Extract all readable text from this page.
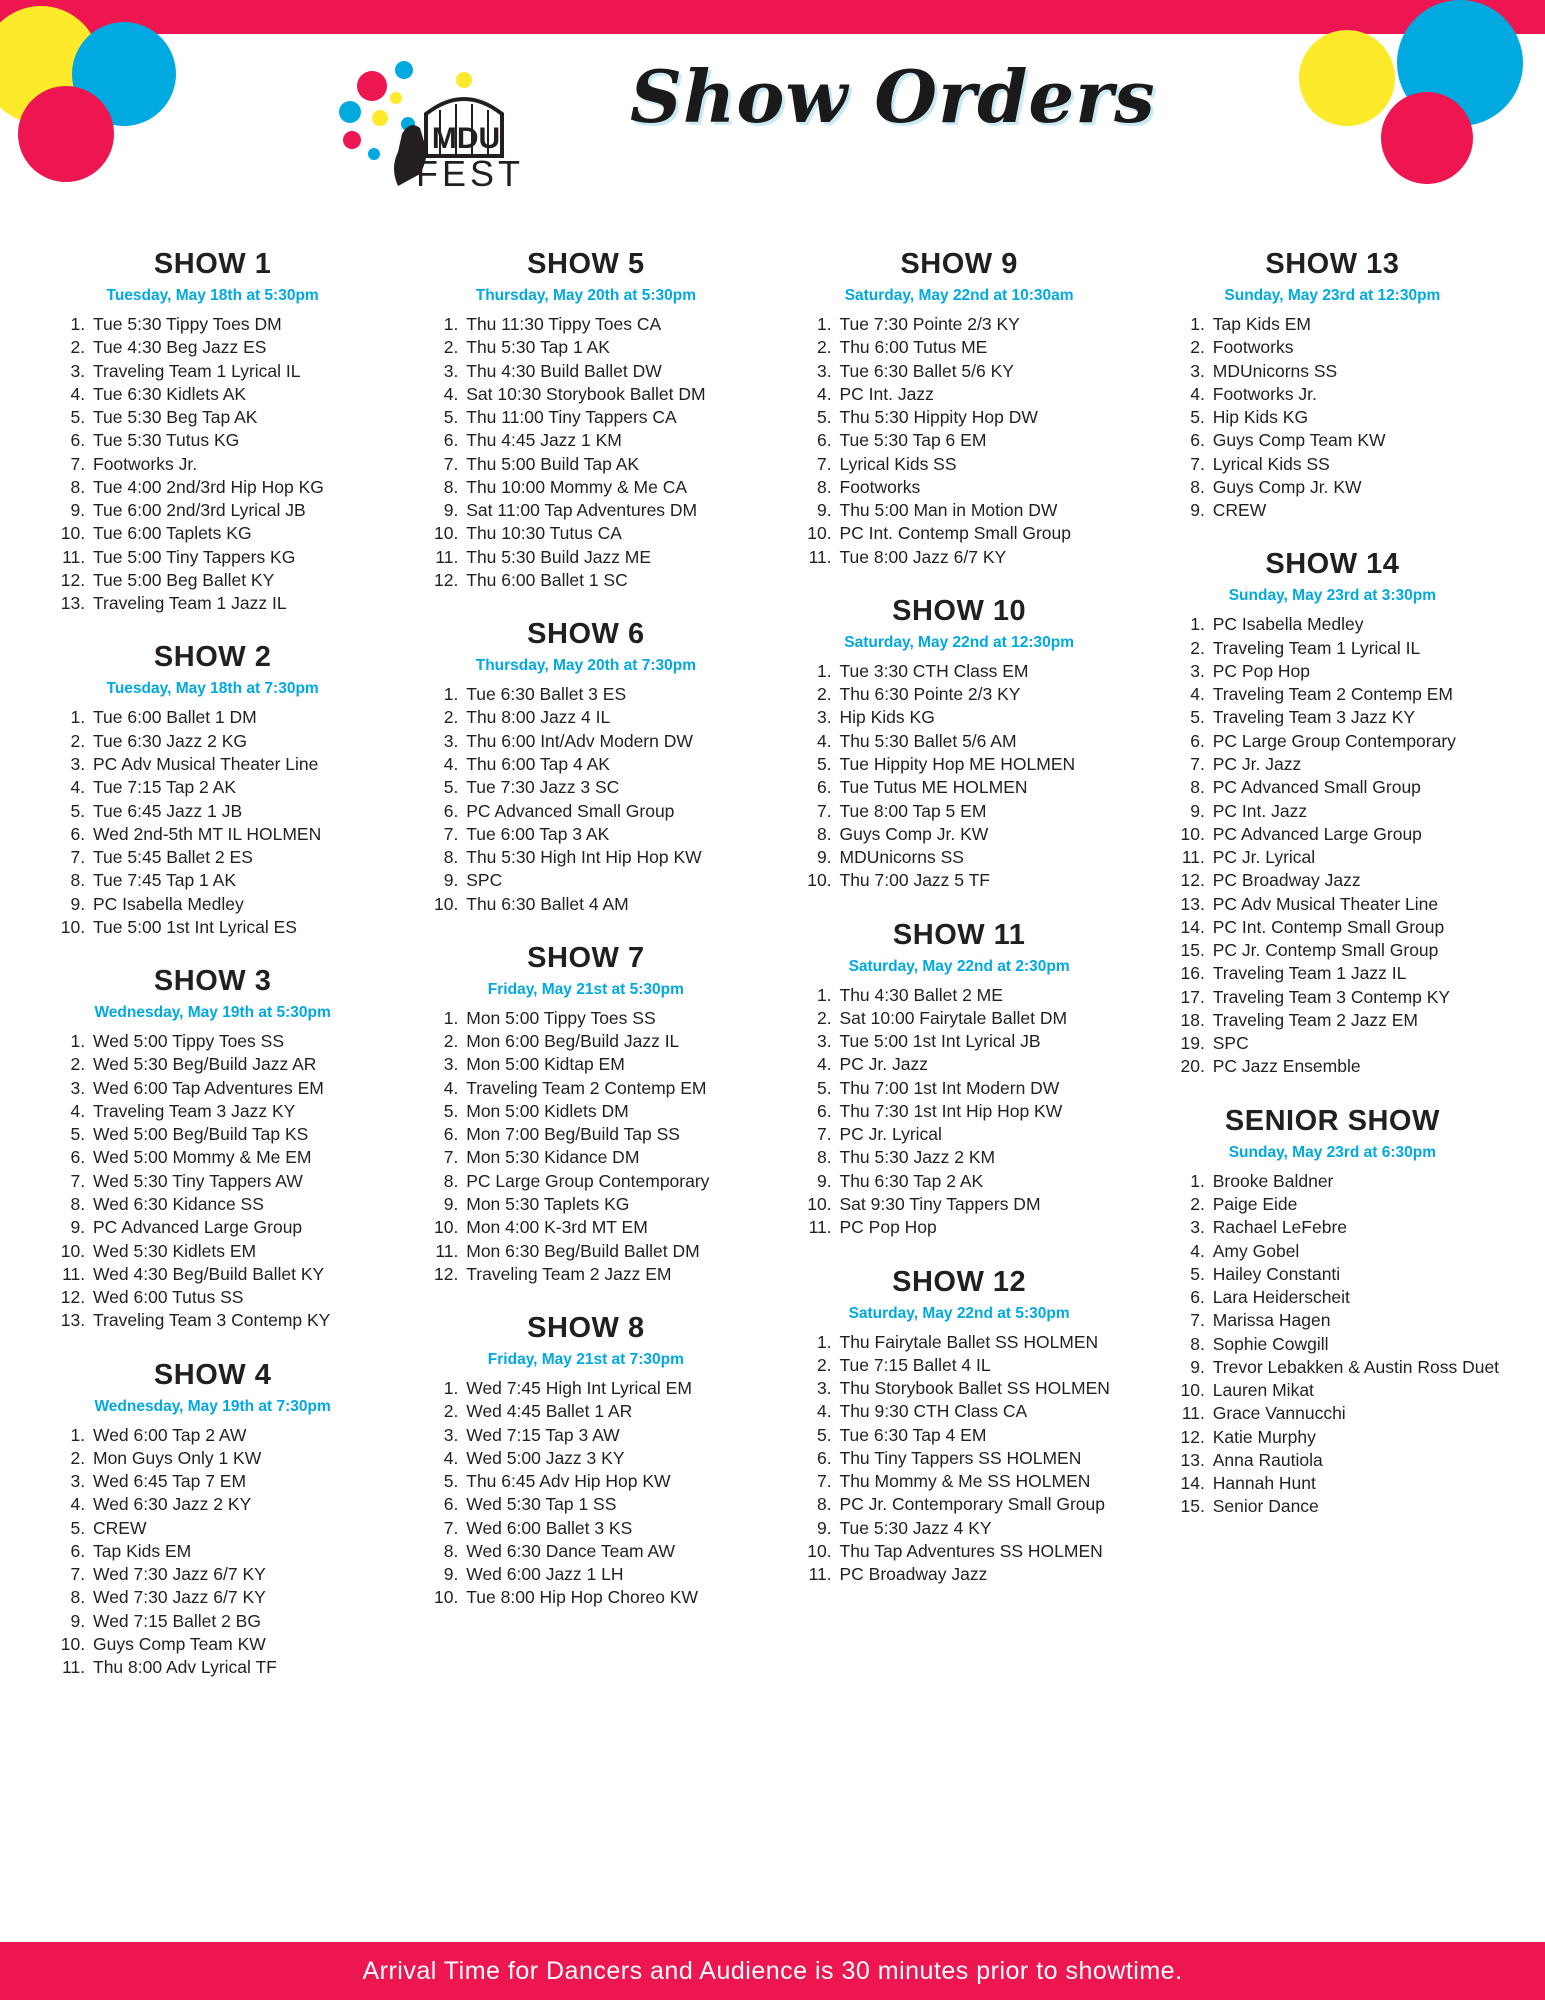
MDU
FEST
Show Orders
SHOW 1
Tuesday, May 18th at 5:30pm
1. Tue 5:30 Tippy Toes DM
2. Tue 4:30 Beg Jazz ES
3. Traveling Team 1 Lyrical IL
4. Tue 6:30 Kidlets AK
5. Tue 5:30 Beg Tap AK
6. Tue 5:30 Tutus KG
7. Footworks Jr.
8. Tue 4:00 2nd/3rd Hip Hop KG
9. Tue 6:00 2nd/3rd Lyrical JB
10. Tue 6:00 Taplets KG
11. Tue 5:00 Tiny Tappers KG
12. Tue 5:00 Beg Ballet KY
13. Traveling Team 1 Jazz IL
SHOW 2
Tuesday, May 18th at 7:30pm
1. Tue 6:00 Ballet 1 DM
2. Tue 6:30 Jazz 2 KG
3. PC Adv Musical Theater Line
4. Tue 7:15 Tap 2 AK
5. Tue 6:45 Jazz 1 JB
6. Wed 2nd-5th MT IL HOLMEN
7. Tue 5:45 Ballet 2 ES
8. Tue 7:45 Tap 1 AK
9. PC Isabella Medley
10. Tue 5:00 1st Int Lyrical ES
SHOW 3
Wednesday, May 19th at 5:30pm
1. Wed 5:00 Tippy Toes SS
2. Wed 5:30 Beg/Build Jazz AR
3. Wed 6:00 Tap Adventures EM
4. Traveling Team 3 Jazz KY
5. Wed 5:00 Beg/Build Tap KS
6. Wed 5:00 Mommy & Me EM
7. Wed 5:30 Tiny Tappers AW
8. Wed 6:30 Kidance SS
9. PC Advanced Large Group
10. Wed 5:30 Kidlets EM
11. Wed 4:30 Beg/Build Ballet KY
12. Wed 6:00 Tutus SS
13. Traveling Team 3 Contemp KY
SHOW 4
Wednesday, May 19th at 7:30pm
1. Wed 6:00 Tap 2 AW
2. Mon Guys Only 1 KW
3. Wed 6:45 Tap 7 EM
4. Wed 6:30 Jazz 2 KY
5. CREW
6. Tap Kids EM
7. Wed 7:30 Jazz 6/7 KY
8. Wed 7:30 Jazz 6/7 KY
9. Wed 7:15 Ballet 2 BG
10. Guys Comp Team KW
11. Thu 8:00 Adv Lyrical TF
SHOW 5
Thursday, May 20th at 5:30pm
1. Thu 11:30 Tippy Toes CA
2. Thu 5:30 Tap 1 AK
3. Thu 4:30 Build Ballet DW
4. Sat 10:30 Storybook Ballet DM
5. Thu 11:00 Tiny Tappers CA
6. Thu 4:45 Jazz 1 KM
7. Thu 5:00 Build Tap AK
8. Thu 10:00 Mommy & Me CA
9. Sat 11:00 Tap Adventures DM
10. Thu 10:30 Tutus CA
11. Thu 5:30 Build Jazz ME
12. Thu 6:00 Ballet 1 SC
SHOW 6
Thursday, May 20th at 7:30pm
1. Tue 6:30 Ballet 3 ES
2. Thu 8:00 Jazz 4 IL
3. Thu 6:00 Int/Adv Modern DW
4. Thu 6:00 Tap 4 AK
5. Tue 7:30 Jazz 3 SC
6. PC Advanced Small Group
7. Tue 6:00 Tap 3 AK
8. Thu 5:30 High Int Hip Hop KW
9. SPC
10. Thu 6:30 Ballet 4 AM
SHOW 7
Friday, May 21st at 5:30pm
1. Mon 5:00 Tippy Toes SS
2. Mon 6:00 Beg/Build Jazz IL
3. Mon 5:00 Kidtap EM
4. Traveling Team 2 Contemp EM
5. Mon 5:00 Kidlets DM
6. Mon 7:00 Beg/Build Tap SS
7. Mon 5:30 Kidance DM
8. PC Large Group Contemporary
9. Mon 5:30 Taplets KG
10. Mon 4:00 K-3rd MT EM
11. Mon 6:30 Beg/Build Ballet DM
12. Traveling Team 2 Jazz EM
SHOW 8
Friday, May 21st at 7:30pm
1. Wed 7:45 High Int Lyrical EM
2. Wed 4:45 Ballet 1 AR
3. Wed 7:15 Tap 3 AW
4. Wed 5:00 Jazz 3 KY
5. Thu 6:45 Adv Hip Hop KW
6. Wed 5:30 Tap 1 SS
7. Wed 6:00 Ballet 3 KS
8. Wed 6:30 Dance Team AW
9. Wed 6:00 Jazz 1 LH
10. Tue 8:00 Hip Hop Choreo KW
SHOW 9
Saturday, May 22nd at 10:30am
1. Tue 7:30 Pointe 2/3 KY
2. Thu 6:00 Tutus ME
3. Tue 6:30 Ballet 5/6 KY
4. PC Int. Jazz
5. Thu 5:30 Hippity Hop DW
6. Tue 5:30 Tap 6 EM
7. Lyrical Kids SS
8. Footworks
9. Thu 5:00 Man in Motion DW
10. PC Int. Contemp Small Group
11. Tue 8:00 Jazz 6/7 KY
SHOW 10
Saturday, May 22nd at 12:30pm
1. Tue 3:30 CTH Class EM
2. Thu 6:30 Pointe 2/3 KY
3. Hip Kids KG
4. Thu 5:30 Ballet 5/6 AM
5. Tue Hippity Hop ME HOLMEN
6. Tue Tutus ME HOLMEN
7. Tue 8:00 Tap 5 EM
8. Guys Comp Jr. KW
9. MDUnicorns SS
10. Thu 7:00 Jazz 5 TF
SHOW 11
Saturday, May 22nd at 2:30pm
1. Thu 4:30 Ballet 2 ME
2. Sat 10:00 Fairytale Ballet DM
3. Tue 5:00 1st Int Lyrical JB
4. PC Jr. Jazz
5. Thu 7:00 1st Int Modern DW
6. Thu 7:30 1st Int Hip Hop KW
7. PC Jr. Lyrical
8. Thu 5:30 Jazz 2 KM
9. Thu 6:30 Tap 2 AK
10. Sat 9:30 Tiny Tappers DM
11. PC Pop Hop
SHOW 12
Saturday, May 22nd at 5:30pm
1. Thu Fairytale Ballet SS HOLMEN
2. Tue 7:15 Ballet 4 IL
3. Thu Storybook Ballet SS HOLMEN
4. Thu 9:30 CTH Class CA
5. Tue 6:30 Tap 4 EM
6. Thu Tiny Tappers SS HOLMEN
7. Thu Mommy & Me SS HOLMEN
8. PC Jr. Contemporary Small Group
9. Tue 5:30 Jazz 4 KY
10. Thu Tap Adventures SS HOLMEN
11. PC Broadway Jazz
SHOW 13
Sunday, May 23rd at 12:30pm
1. Tap Kids EM
2. Footworks
3. MDUnicorns SS
4. Footworks Jr.
5. Hip Kids KG
6. Guys Comp Team KW
7. Lyrical Kids SS
8. Guys Comp Jr. KW
9. CREW
SHOW 14
Sunday, May 23rd at 3:30pm
1. PC Isabella Medley
2. Traveling Team 1 Lyrical IL
3. PC Pop Hop
4. Traveling Team 2 Contemp EM
5. Traveling Team 3 Jazz KY
6. PC Large Group Contemporary
7. PC Jr. Jazz
8. PC Advanced Small Group
9. PC Int. Jazz
10. PC Advanced Large Group
11. PC Jr. Lyrical
12. PC Broadway Jazz
13. PC Adv Musical Theater Line
14. PC Int. Contemp Small Group
15. PC Jr. Contemp Small Group
16. Traveling Team 1 Jazz IL
17. Traveling Team 3 Contemp KY
18. Traveling Team 2 Jazz EM
19. SPC
20. PC Jazz Ensemble
SENIOR SHOW
Sunday, May 23rd at 6:30pm
1. Brooke Baldner
2. Paige Eide
3. Rachael LeFebre
4. Amy Gobel
5. Hailey Constanti
6. Lara Heiderscheit
7. Marissa Hagen
8. Sophie Cowgill
9. Trevor Lebakken & Austin Ross Duet
10. Lauren Mikat
11. Grace Vannucchi
12. Katie Murphy
13. Anna Rautiola
14. Hannah Hunt
15. Senior Dance
Arrival Time for Dancers and Audience is 30 minutes prior to showtime.
